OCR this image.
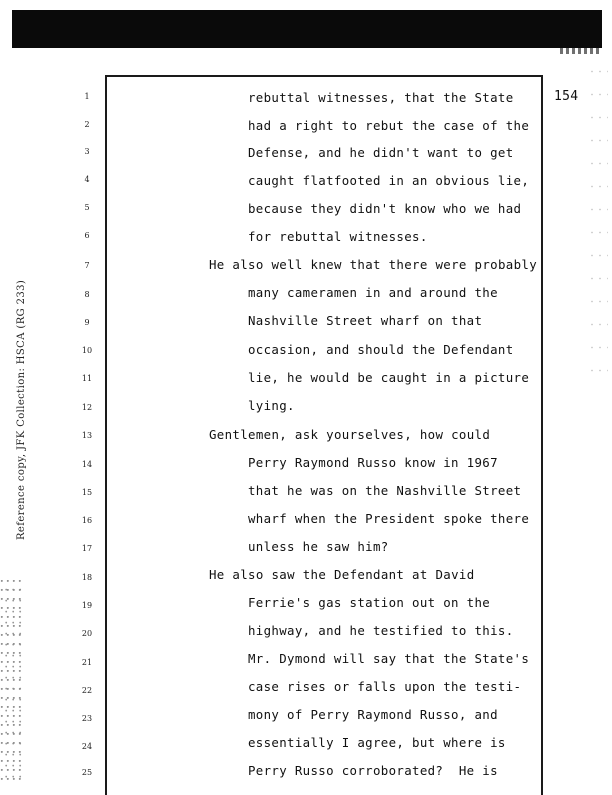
154
Reference copy, JFK Collection: HSCA (RG 233)
1
2
3
4
5
6
7
8
9
10
11
12
13
14
15
16
17
18
19
20
21
22
23
24
25
rebuttal witnesses, that the State
had a right to rebut the case of the
Defense, and he didn't want to get
caught flatfooted in an obvious lie,
because they didn't know who we had
for rebuttal witnesses.
He also well knew that there were probably
many cameramen in and around the
Nashville Street wharf on that
occasion, and should the Defendant
lie, he would be caught in a picture
lying.
Gentlemen, ask yourselves, how could
Perry Raymond Russo know in 1967
that he was on the Nashville Street
wharf when the President spoke there
unless he saw him?
He also saw the Defendant at David
Ferrie's gas station out on the
highway, and he testified to this.
Mr. Dymond will say that the State's
case rises or falls upon the testi-
mony of Perry Raymond Russo, and
essentially I agree, but where is
Perry Russo corroborated?  He is
